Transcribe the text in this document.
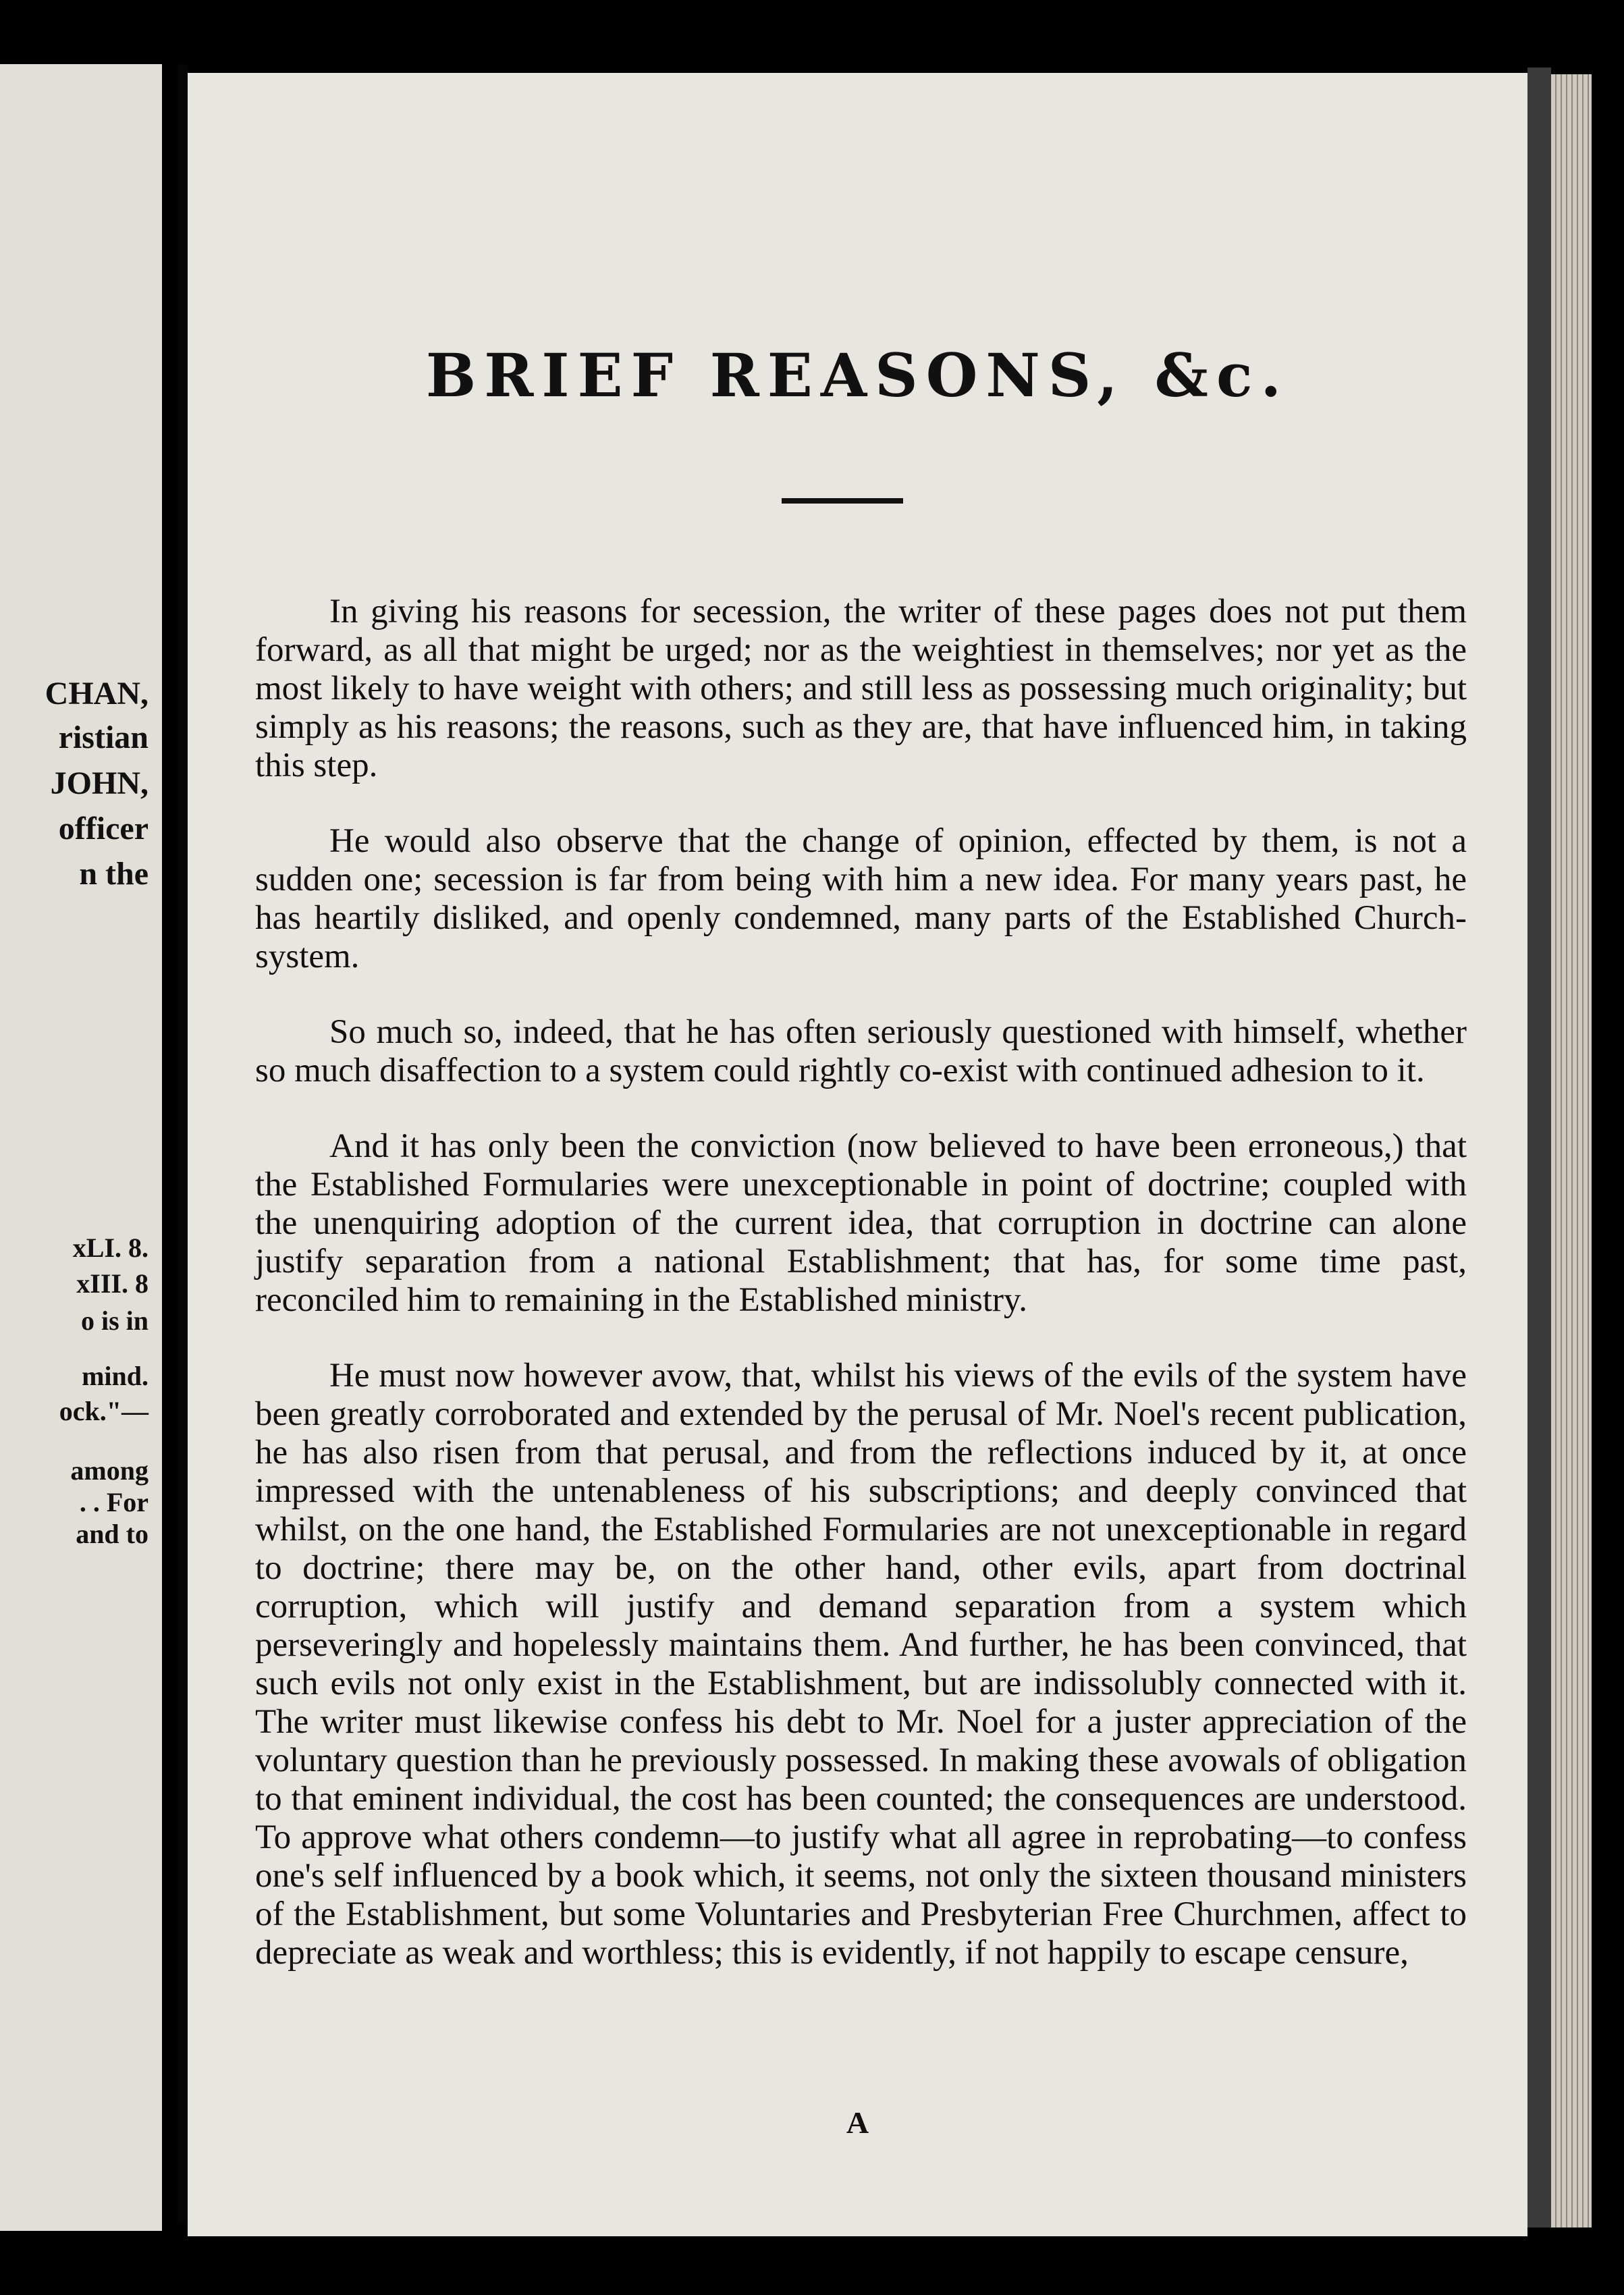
CHAN,
ristian
JOHN,
officer
n the
xLI. 8.
xIII. 8
o is in
mind.
ock."—
among
. . For
and to
BRIEF REASONS, &c.

In giving his reasons for secession, the writer of these pages does not put them forward, as all that might be urged; nor as the weightiest in themselves; nor yet as the most likely to have weight with others; and still less as possessing much originality; but simply as his reasons; the reasons, such as they are, that have influenced him, in taking this step.

He would also observe that the change of opinion, effected by them, is not a sudden one; secession is far from being with him a new idea. For many years past, he has heartily disliked, and openly condemned, many parts of the Established Church-system.

So much so, indeed, that he has often seriously questioned with himself, whether so much disaffection to a system could rightly co-exist with continued adhesion to it.

And it has only been the conviction (now believed to have been erroneous,) that the Established Formularies were unexceptionable in point of doctrine; coupled with the unenquiring adoption of the current idea, that corruption in doctrine can alone justify separation from a national Establishment; that has, for some time past, reconciled him to remaining in the Established ministry.

He must now however avow, that, whilst his views of the evils of the system have been greatly corroborated and extended by the perusal of Mr. Noel's recent publication, he has also risen from that perusal, and from the reflections induced by it, at once impressed with the untenableness of his subscriptions; and deeply convinced that whilst, on the one hand, the Established Formularies are not unexceptionable in regard to doctrine; there may be, on the other hand, other evils, apart from doctrinal corruption, which will justify and demand separation from a system which perseveringly and hopelessly maintains them. And further, he has been convinced, that such evils not only exist in the Establishment, but are indissolubly connected with it. The writer must likewise confess his debt to Mr. Noel for a juster appreciation of the voluntary question than he previously possessed. In making these avowals of obligation to that eminent individual, the cost has been counted; the consequences are understood. To approve what others condemn—to justify what all agree in reprobating—to confess one's self influenced by a book which, it seems, not only the sixteen thousand ministers of the Establishment, but some Voluntaries and Presbyterian Free Churchmen, affect to depreciate as weak and worthless; this is evidently, if not happily to escape censure,

A
